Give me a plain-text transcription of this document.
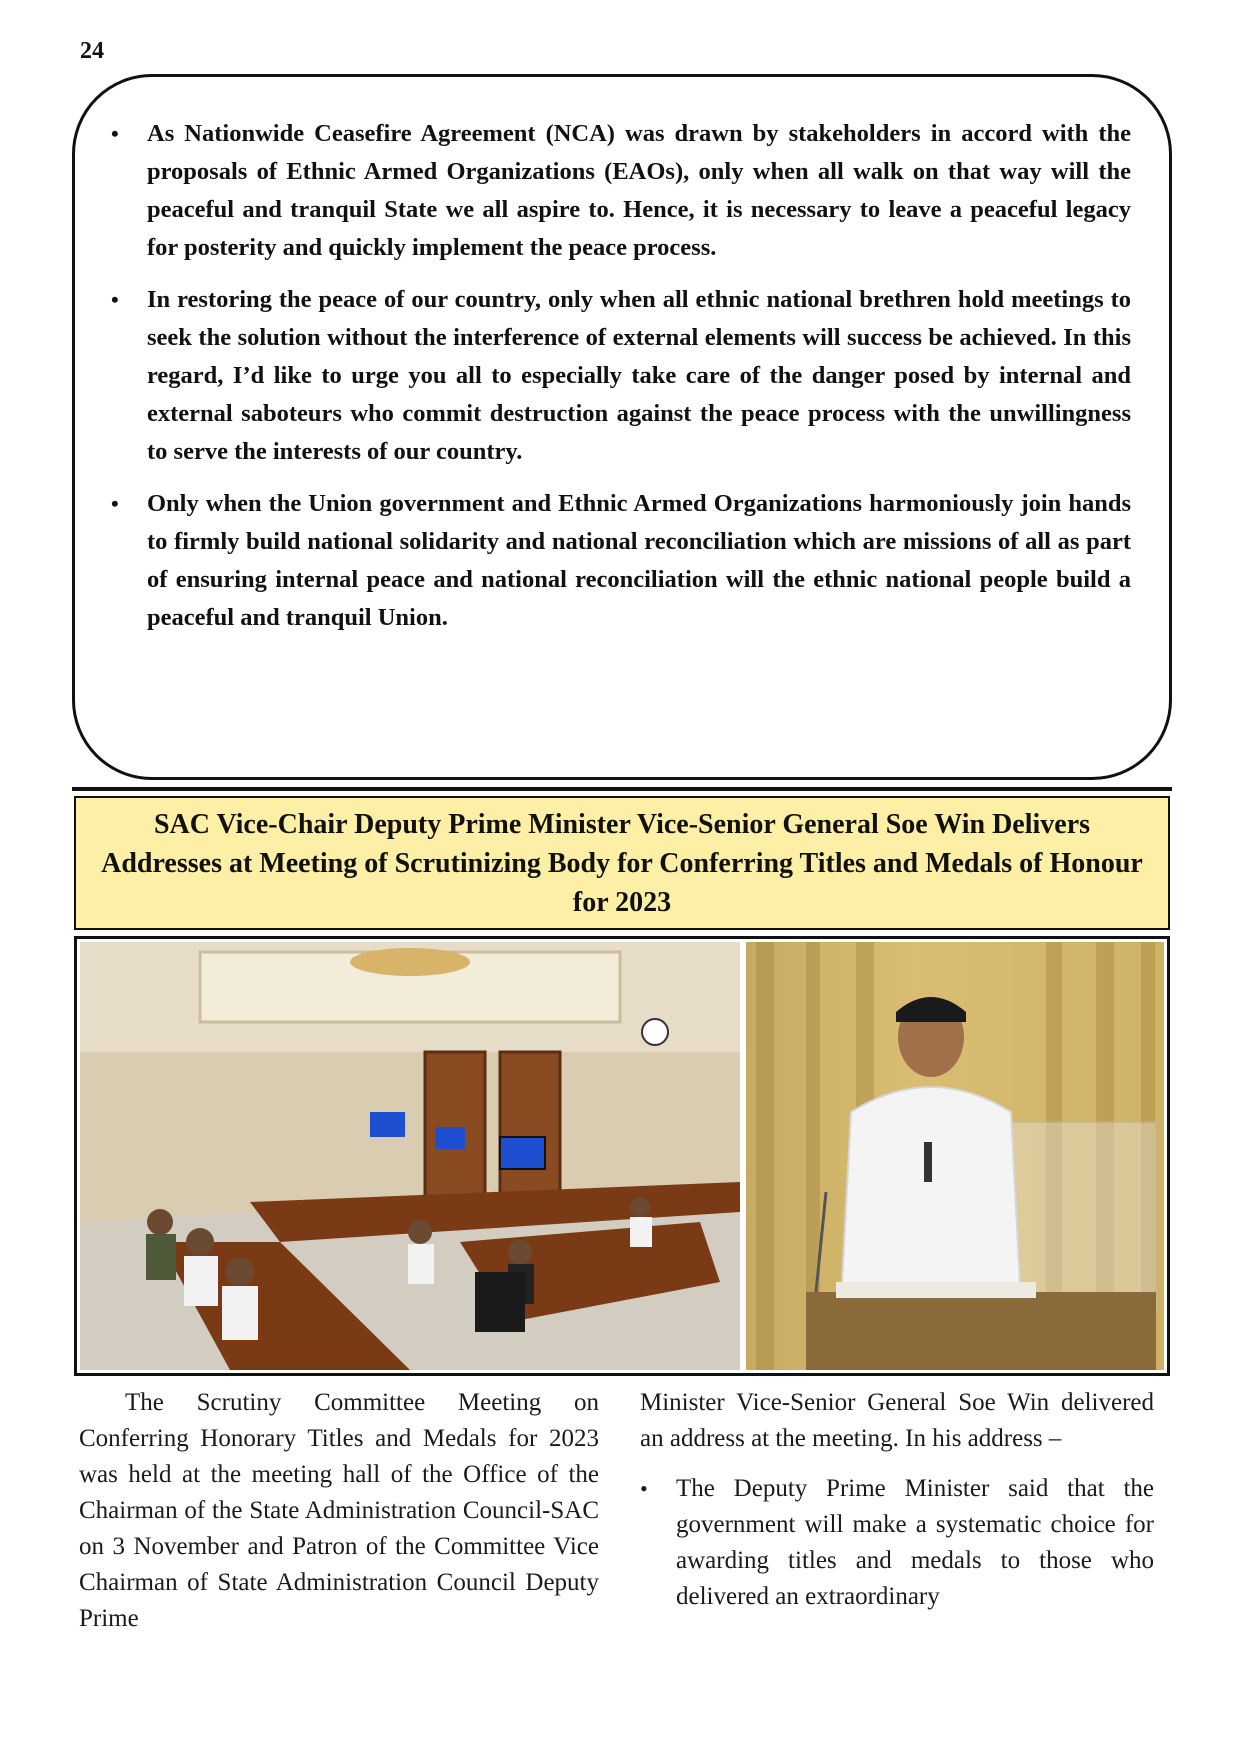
24
• As Nationwide Ceasefire Agreement (NCA) was drawn by stakeholders in accord with the proposals of Ethnic Armed Organizations (EAOs), only when all walk on that way will the peaceful and tranquil State we all aspire to. Hence, it is necessary to leave a peaceful legacy for posterity and quickly implement the peace process.
• In restoring the peace of our country, only when all ethnic national brethren hold meetings to seek the solution without the interference of external elements will success be achieved. In this regard, I’d like to urge you all to especially take care of the danger posed by internal and external saboteurs who commit destruction against the peace process with the unwillingness to serve the interests of our country.
• Only when the Union government and Ethnic Armed Organizations harmoniously join hands to firmly build national solidarity and national reconciliation which are missions of all as part of ensuring internal peace and national reconciliation will the ethnic national people build a peaceful and tranquil Union.
SAC Vice-Chair Deputy Prime Minister Vice-Senior General Soe Win Delivers Addresses at Meeting of Scrutinizing Body for Conferring Titles and Medals of Honour for 2023

The Scrutiny Committee Meeting on Conferring Honorary Titles and Medals for 2023 was held at the meeting hall of the Office of the Chairman of the State Administration Council-SAC on 3 November and Patron of the Committee Vice Chairman of State Administration Council Deputy Prime

Minister Vice-Senior General Soe Win delivered an address at the meeting. In his address –

• The Deputy Prime Minister said that the government will make a systematic choice for awarding titles and medals to those who delivered an extraordinary
